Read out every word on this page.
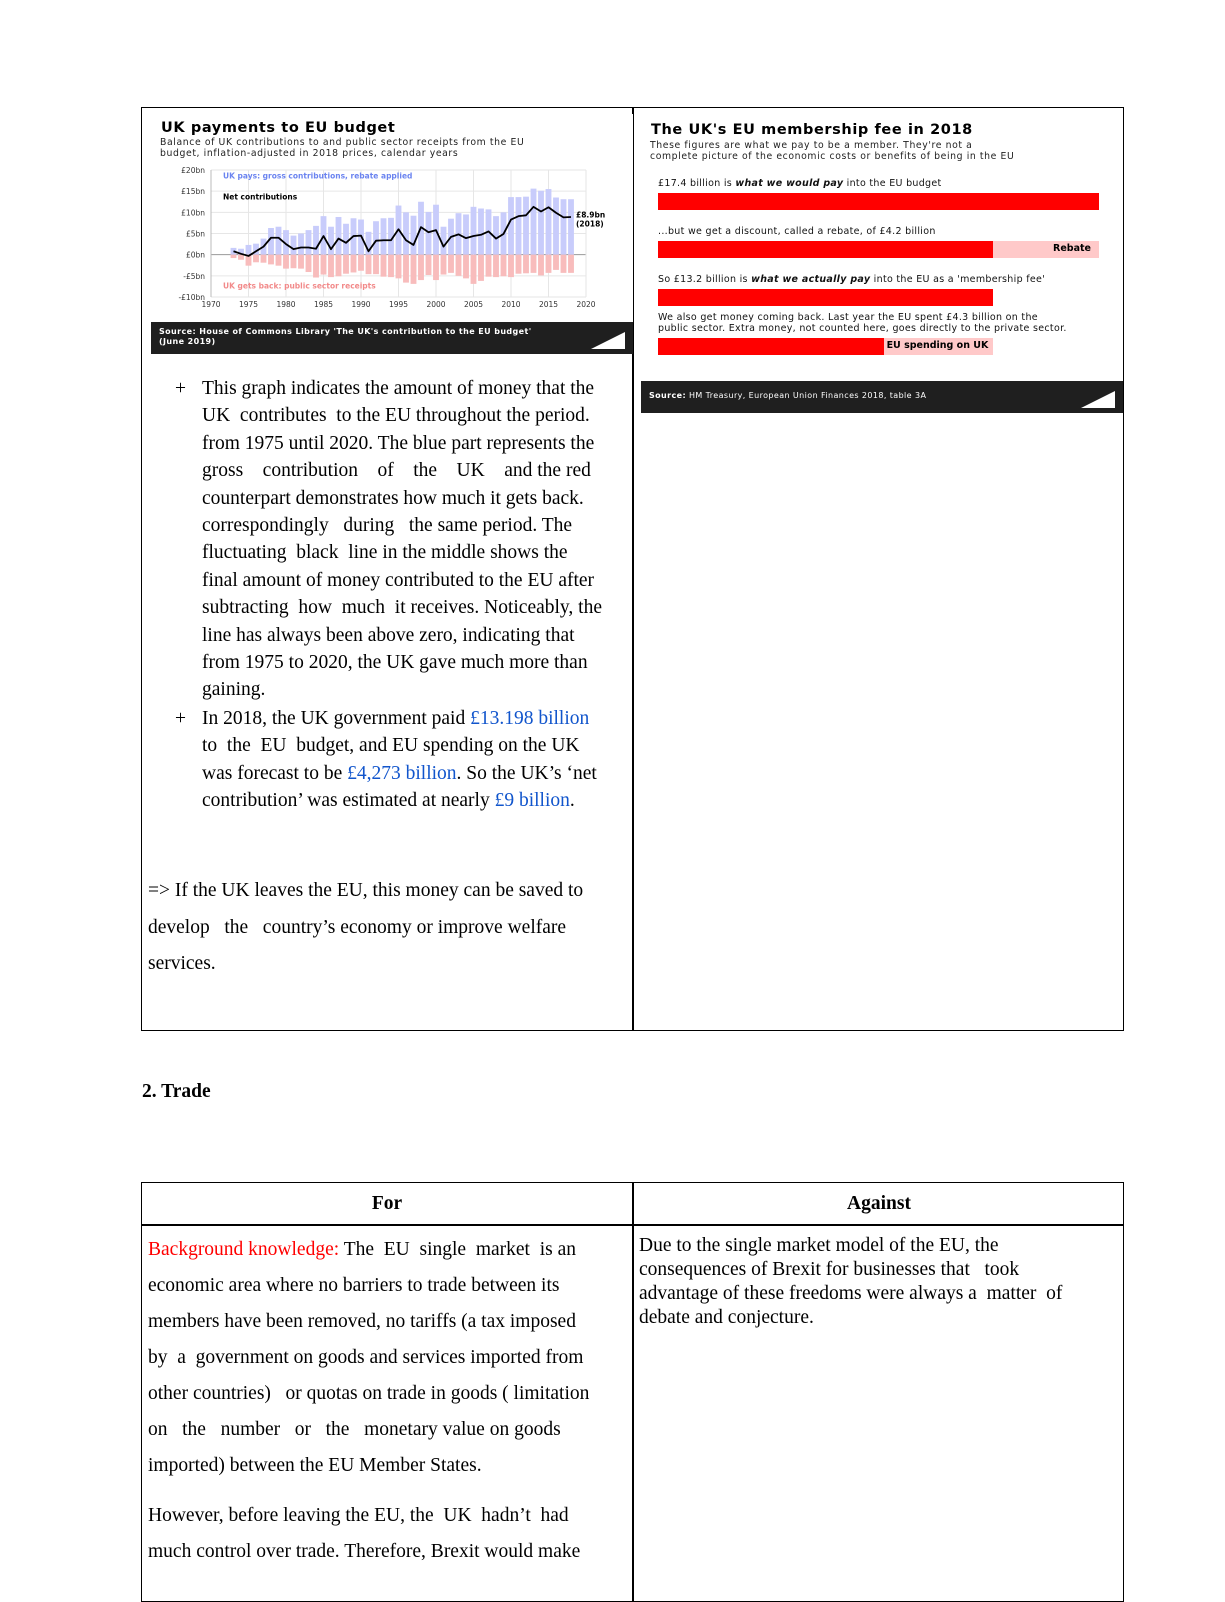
UK payments to EU budget
Balance of UK contributions to and public sector receipts from the EU
budget, inflation-adjusted in 2018 prices, calendar years
£20bn
£15bn
£10bn
£5bn
£0bn
-£5bn
-£10bn
1970 1975 1980 1985 1990 1995 2000 2005 2010 2015 2020
UK pays: gross contributions, rebate applied
Net contributions
UK gets back: public sector receipts
£8.9bn
(2018)
Source: House of Commons Library 'The UK's contribution to the EU budget'
(June 2019)
+ This graph indicates the amount of money that the
UK  contributes  to the EU throughout the period.
from 1975 until 2020. The blue part represents the
gross    contribution    of    the    UK    and the red
counterpart demonstrates how much it gets back.
correspondingly   during   the same period. The
fluctuating  black  line in the middle shows the
final amount of money contributed to the EU after
subtracting  how  much  it receives. Noticeably, the
line has always been above zero, indicating that
from 1975 to 2020, the UK gave much more than
gaining.
+ In 2018, the UK government paid £13.198 billion
to  the  EU  budget, and EU spending on the UK
was forecast to be £4,273 billion. So the UK’s ‘net
contribution’ was estimated at nearly £9 billion.
=> If the UK leaves the EU, this money can be saved to
develop   the   country’s economy or improve welfare
services.
The UK's EU membership fee in 2018
These figures are what we pay to be a member. They're not a
complete picture of the economic costs or benefits of being in the EU
£17.4 billion is what we would pay into the EU budget
...but we get a discount, called a rebate, of £4.2 billion
Rebate
So £13.2 billion is what we actually pay into the EU as a 'membership fee'
We also get money coming back. Last year the EU spent £4.3 billion on the
public sector. Extra money, not counted here, goes directly to the private sector.
EU spending on UK
Source: HM Treasury, European Union Finances 2018, table 3A
2. Trade
For	Against
Background knowledge: The  EU  single  market  is an
economic area where no barriers to trade between its
members have been removed, no tariffs (a tax imposed
by  a  government on goods and services imported from
other countries)   or quotas on trade in goods ( limitation
on   the   number   or   the   monetary value on goods
imported) between the EU Member States.
However, before leaving the EU, the  UK  hadn’t  had
much control over trade. Therefore, Brexit would make
Due to the single market model of the EU, the
consequences of Brexit for businesses that   took
advantage of these freedoms were always a  matter  of
debate and conjecture.
